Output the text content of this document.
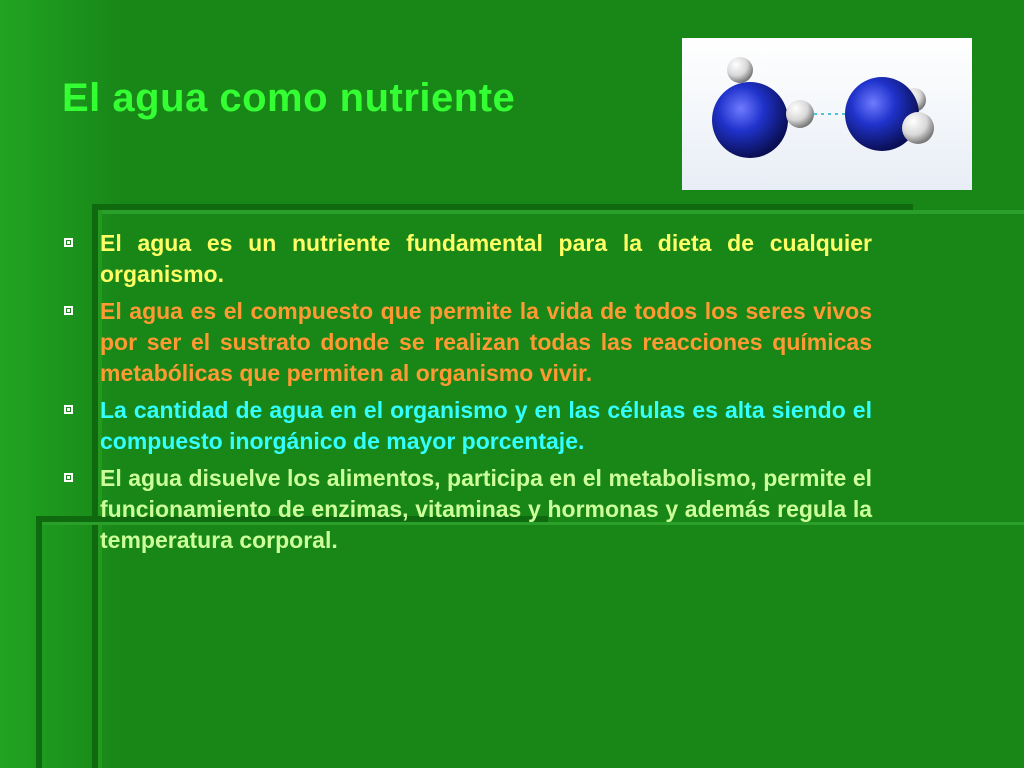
El agua como nutriente
El agua es un nutriente fundamental para la dieta de cualquier organismo.
El agua es el compuesto que permite la vida de todos los seres vivos por ser el sustrato donde se realizan todas las reacciones químicas metabólicas que permiten al organismo vivir.
La cantidad de agua en el organismo y en las células es alta siendo el compuesto inorgánico de mayor porcentaje.
El agua disuelve los alimentos, participa en el metabolismo, permite el funcionamiento de enzimas, vitaminas y hormonas y además regula la temperatura corporal.
